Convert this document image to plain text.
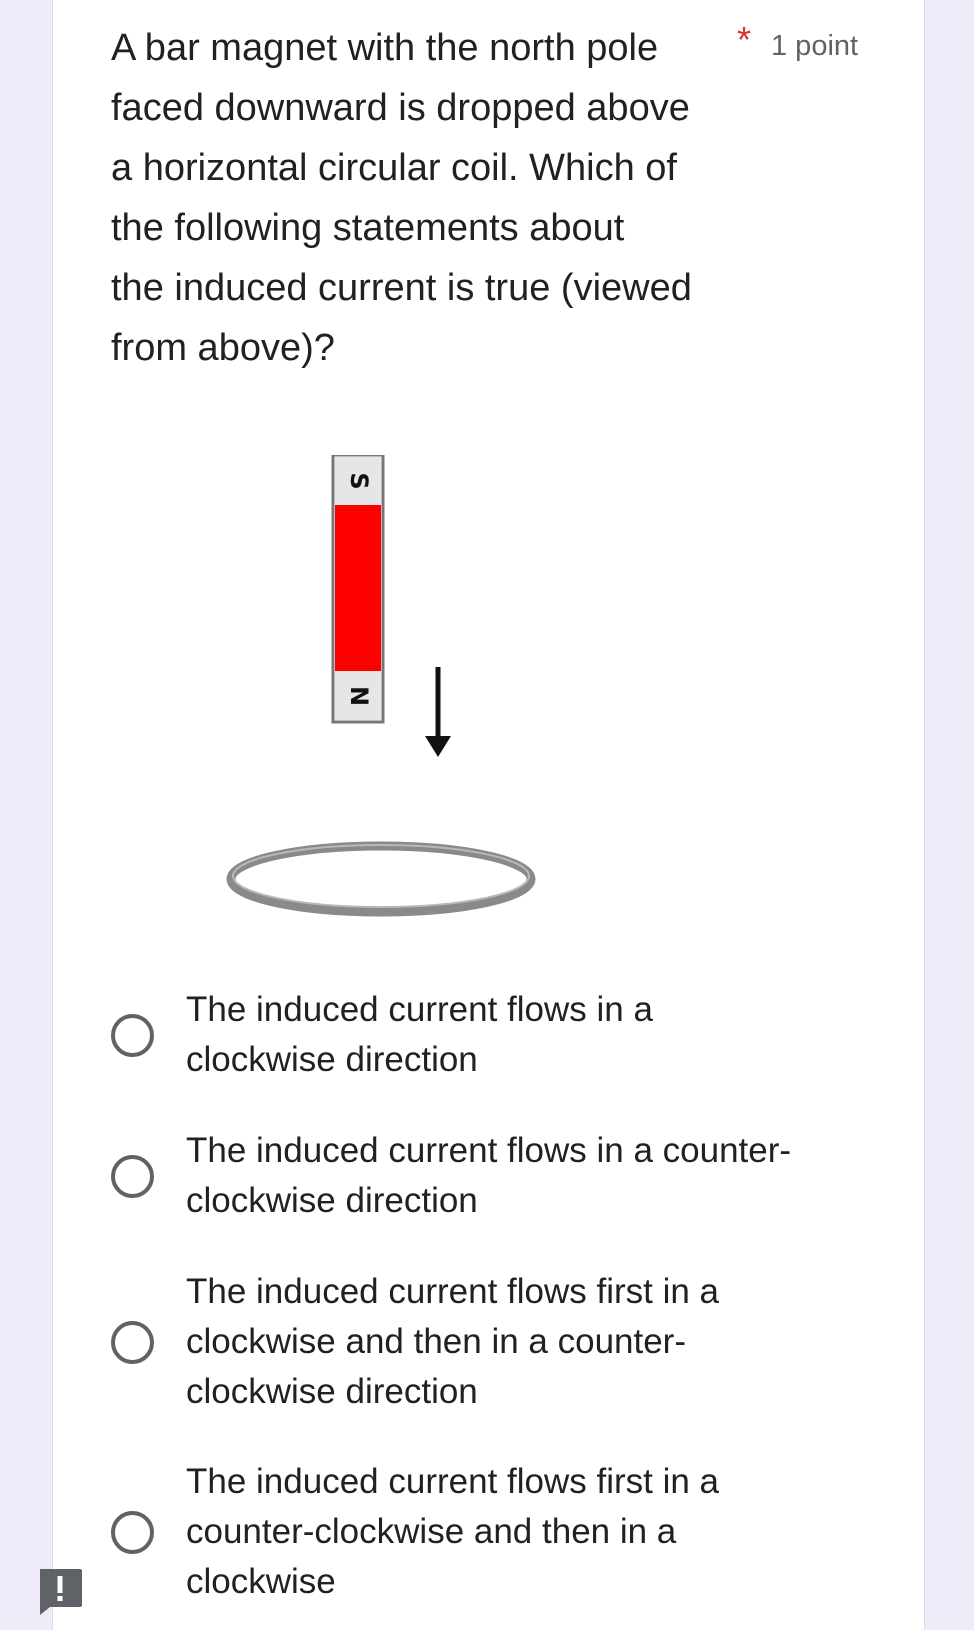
A bar magnet with the north pole
faced downward is dropped above
a horizontal circular coil. Which of
the following statements about
the induced current is true (viewed
from above)?
* 1 point
S
N
The induced current flows in a
clockwise direction
The induced current flows in a counter-
clockwise direction
The induced current flows first in a
clockwise and then in a counter-
clockwise direction
The induced current flows first in a
counter-clockwise and then in a
clockwise
